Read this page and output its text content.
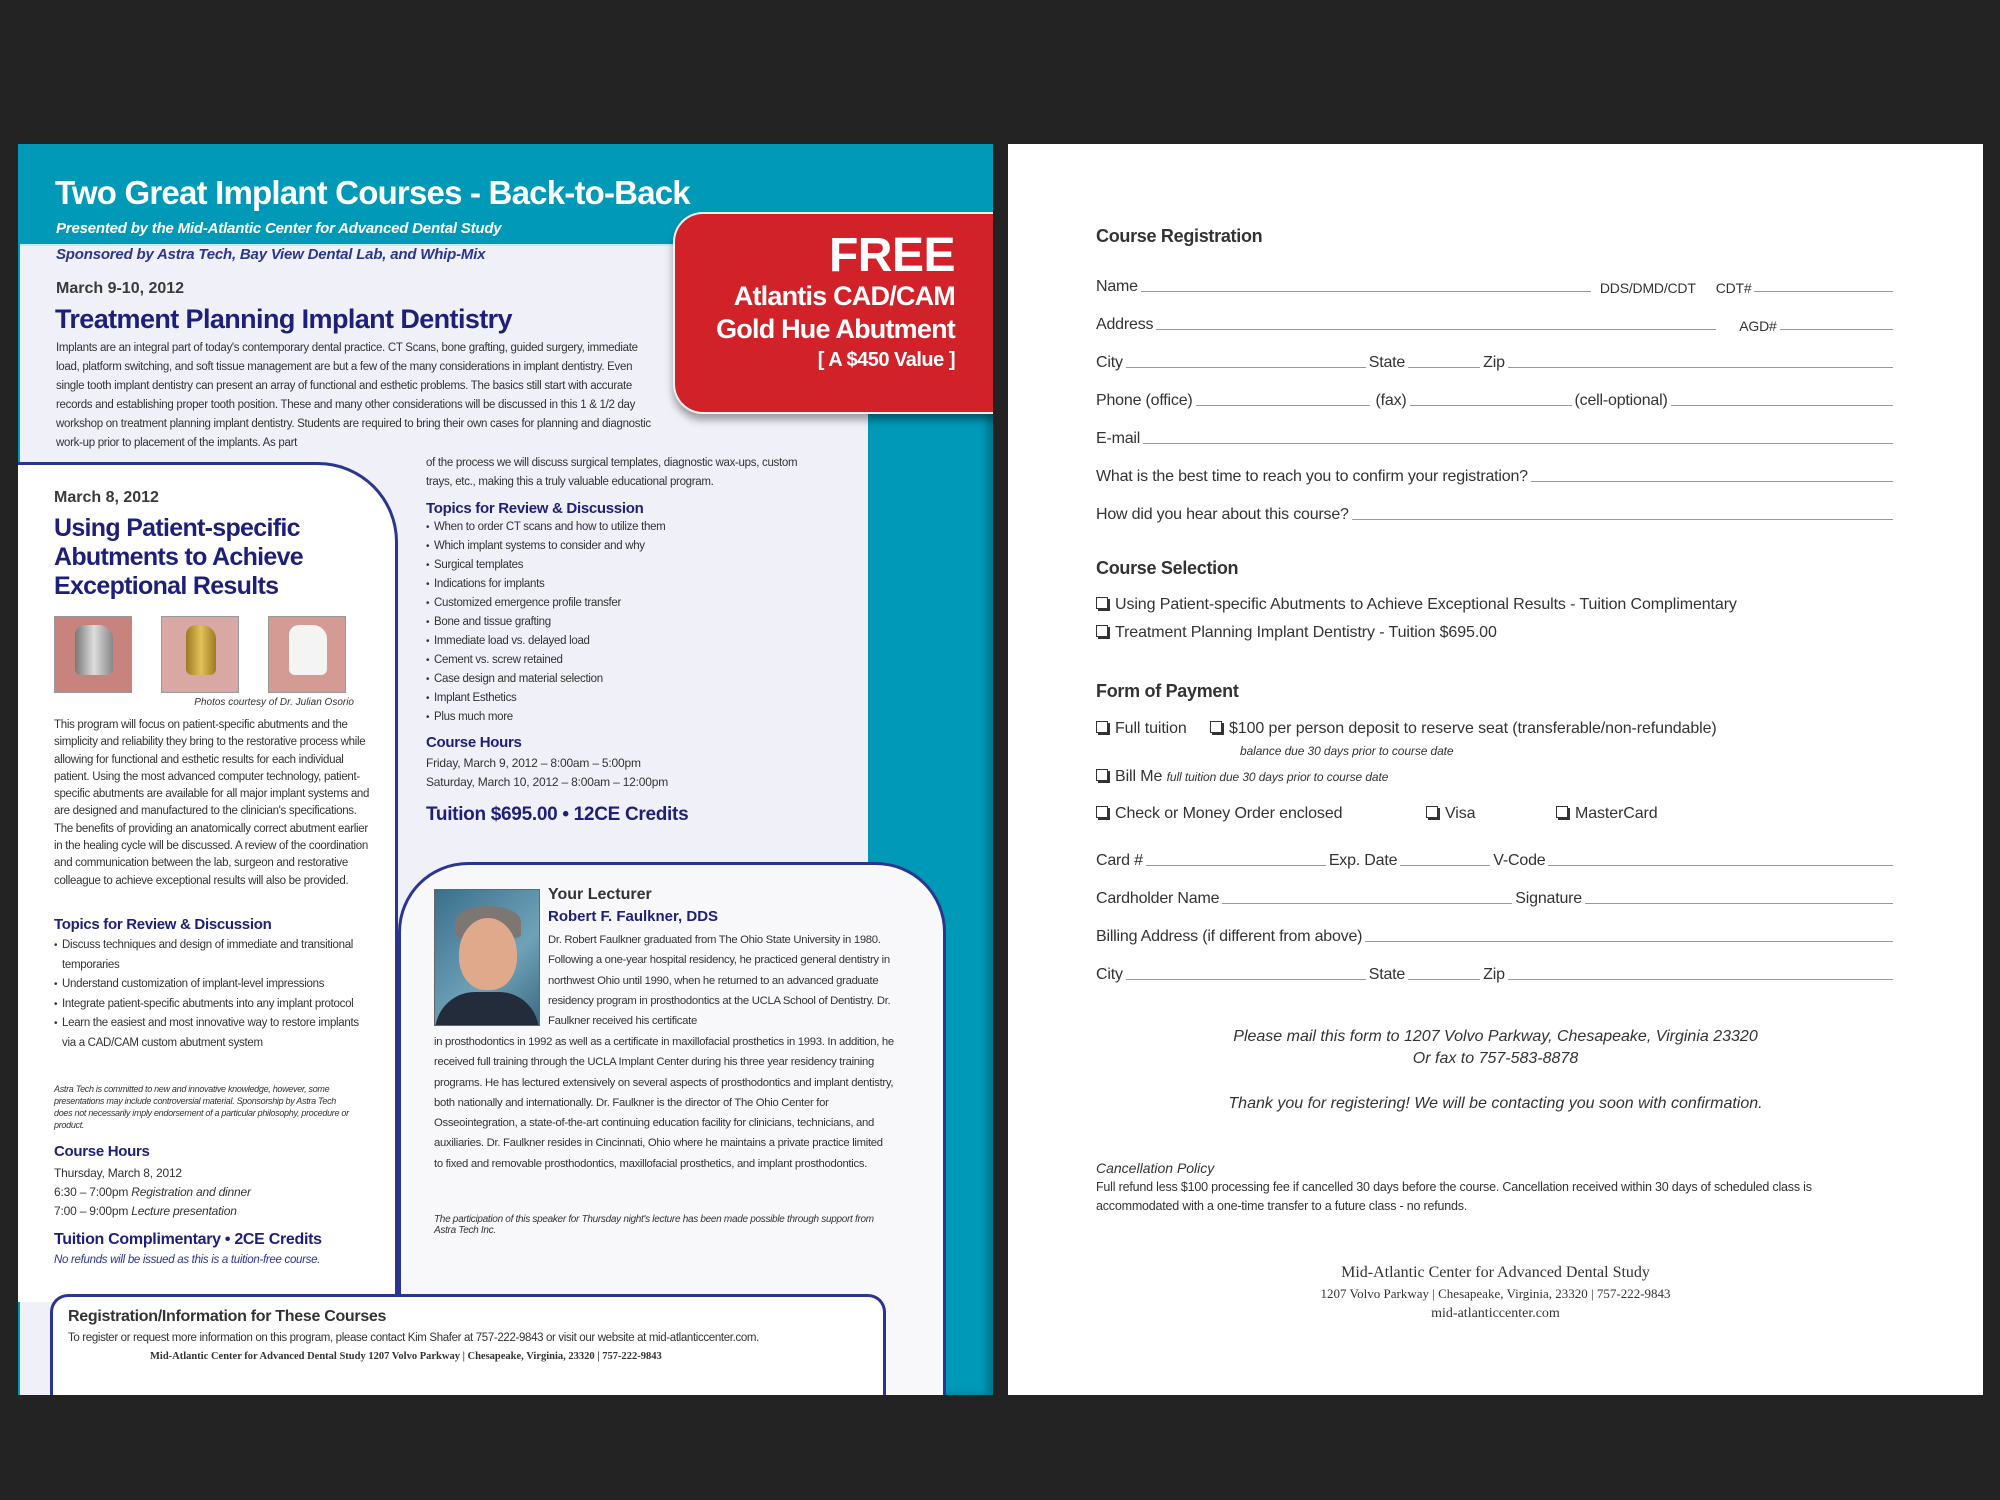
Two Great Implant Courses - Back-to-Back
Presented by the Mid-Atlantic Center for Advanced Dental Study
Sponsored by Astra Tech, Bay View Dental Lab, and Whip-Mix
March 9-10, 2012
Treatment Planning Implant Dentistry
Implants are an integral part of today's contemporary dental practice. CT Scans, bone grafting, guided surgery, immediate load, platform switching, and soft tissue management are but a few of the many considerations in implant dentistry. Even single tooth implant dentistry can present an array of functional and esthetic problems. The basics still start with accurate records and establishing proper tooth position. These and many other considerations will be discussed in this 1 & 1/2 day workshop on treatment planning implant dentistry. Students are required to bring their own cases for planning and diagnostic work-up prior to placement of the implants. As part
of the process we will discuss surgical templates, diagnostic wax-ups, custom trays, etc., making this a truly valuable educational program.
FREE
Atlantis CAD/CAM
Gold Hue Abutment
[ A $450 Value ]
Topics for Review & Discussion
• When to order CT scans and how to utilize them
• Which implant systems to consider and why
• Surgical templates
• Indications for implants
• Customized emergence profile transfer
• Bone and tissue grafting
• Immediate load vs. delayed load
• Cement vs. screw retained
• Case design and material selection
• Implant Esthetics
• Plus much more
Course Hours
Friday, March 9, 2012 – 8:00am – 5:00pm
Saturday, March 10, 2012 – 8:00am – 12:00pm
Tuition $695.00 • 12CE Credits
March 8, 2012
Using Patient-specific Abutments to Achieve Exceptional Results
Photos courtesy of Dr. Julian Osorio
This program will focus on patient-specific abutments and the simplicity and reliability they bring to the restorative process while allowing for functional and esthetic results for each individual patient. Using the most advanced computer technology, patient-specific abutments are available for all major implant systems and are designed and manufactured to the clinician's specifications. The benefits of providing an anatomically correct abutment earlier in the healing cycle will be discussed. A review of the coordination and communication between the lab, surgeon and restorative colleague to achieve exceptional results will also be provided.
Topics for Review & Discussion
• Discuss techniques and design of immediate and transitional temporaries
• Understand customization of implant-level impressions
• Integrate patient-specific abutments into any implant protocol
• Learn the easiest and most innovative way to restore implants via a CAD/CAM custom abutment system
Astra Tech is committed to new and innovative knowledge, however, some presentations may include controversial material. Sponsorship by Astra Tech does not necessarily imply endorsement of a particular philosophy, procedure or product.
Course Hours
Thursday, March 8, 2012
6:30 – 7:00pm Registration and dinner
7:00 – 9:00pm Lecture presentation
Tuition Complimentary • 2CE Credits
No refunds will be issued as this is a tuition-free course.
Your Lecturer
Robert F. Faulkner, DDS
Dr. Robert Faulkner graduated from The Ohio State University in 1980. Following a one-year hospital residency, he practiced general dentistry in northwest Ohio until 1990, when he returned to an advanced graduate residency program in prosthodontics at the UCLA School of Dentistry. Dr. Faulkner received his certificate
in prosthodontics in 1992 as well as a certificate in maxillofacial prosthetics in 1993. In addition, he received full training through the UCLA Implant Center during his three year residency training programs. He has lectured extensively on several aspects of prosthodontics and implant dentistry, both nationally and internationally. Dr. Faulkner is the director of The Ohio Center for Osseointegration, a state-of-the-art continuing education facility for clinicians, technicians, and auxiliaries. Dr. Faulkner resides in Cincinnati, Ohio where he maintains a private practice limited to fixed and removable prosthodontics, maxillofacial prosthetics, and implant prosthodontics.
The participation of this speaker for Thursday night's lecture has been made possible through support from Astra Tech Inc.
Registration/Information for These Courses
To register or request more information on this program, please contact Kim Shafer at 757-222-9843 or visit our website at mid-atlanticcenter.com.
Mid-Atlantic Center for Advanced Dental Study 1207 Volvo Parkway | Chesapeake, Virginia, 23320 | 757-222-9843
Course Registration
Name	DDS/DMD/CDT CDT#
Address	AGD#
City	State	Zip
Phone (office)	(fax)	(cell-optional)
E-mail
What is the best time to reach you to confirm your registration?
How did you hear about this course?
Course Selection
Using Patient-specific Abutments to Achieve Exceptional Results - Tuition Complimentary
Treatment Planning Implant Dentistry - Tuition $695.00
Form of Payment
Full tuition	$100 per person deposit to reserve seat (transferable/non-refundable)
balance due 30 days prior to course date
Bill Me full tuition due 30 days prior to course date
Check or Money Order enclosed	Visa	MasterCard
Card #	Exp. Date	V-Code
Cardholder Name	Signature
Billing Address (if different from above)
City	State	Zip
Please mail this form to 1207 Volvo Parkway, Chesapeake, Virginia 23320
Or fax to 757-583-8878
Thank you for registering! We will be contacting you soon with confirmation.
Cancellation Policy
Full refund less $100 processing fee if cancelled 30 days before the course. Cancellation received within 30 days of scheduled class is accommodated with a one-time transfer to a future class - no refunds.
Mid-Atlantic Center for Advanced Dental Study
1207 Volvo Parkway | Chesapeake, Virginia, 23320 | 757-222-9843
mid-atlanticcenter.com
